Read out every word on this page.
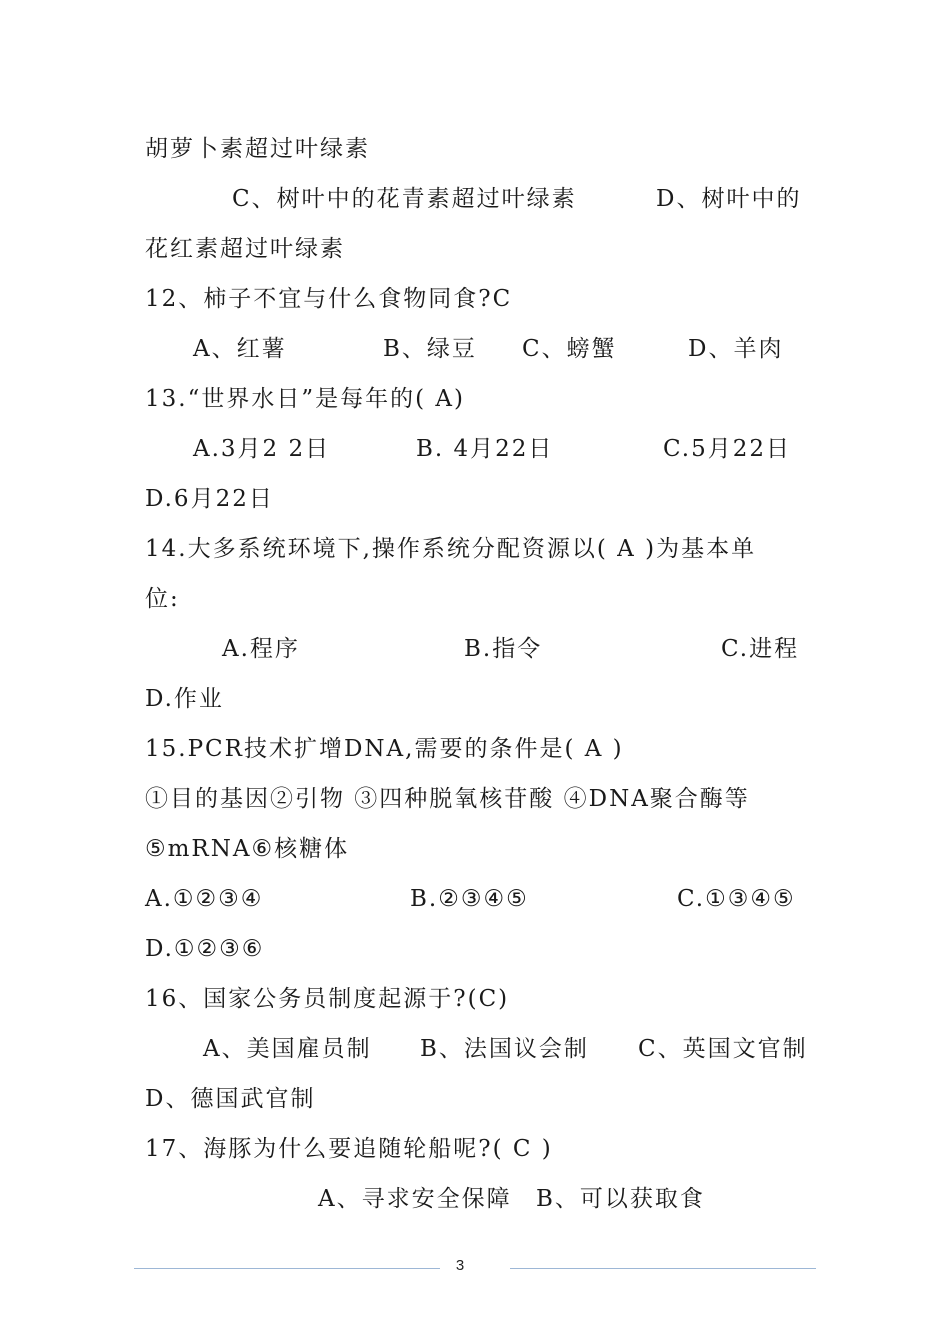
胡萝卜素超过叶绿素
C、树叶中的花青素超过叶绿素	D、树叶中的
花红素超过叶绿素
12、柿子不宜与什么食物同食?C
A、红薯	B、绿豆 C、螃蟹	D、羊肉
13.“世界水日”是每年的( A)
A.3月2 2日	B. 4月22日	C.5月22日
D.6月22日
14.大多系统环境下,操作系统分配资源以( A )为基本单
位:
A.程序	B.指令	C.进程
D.作业
15.PCR技术扩增DNA,需要的条件是( A )
①目的基因②引物 ③四种脱氧核苷酸 ④DNA聚合酶等
⑤mRNA⑥核糖体
A.①②③④	B.②③④⑤	C.①③④⑤
D.①②③⑥
16、国家公务员制度起源于?(C)
A、美国雇员制 B、法国议会制 C、英国文官制
D、德国武官制
17、海豚为什么要追随轮船呢?( C )
A、寻求安全保障 B、可以获取食
3
